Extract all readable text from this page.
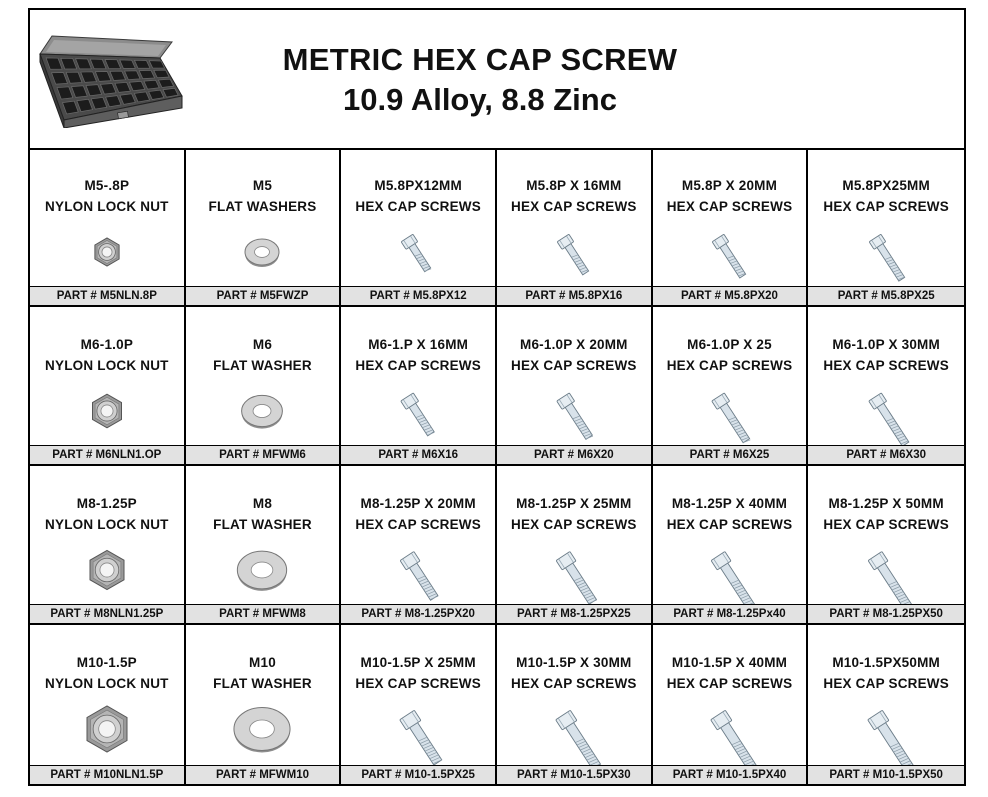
METRIC HEX CAP SCREW
10.9 Alloy, 8.8 Zinc
M5-.8P
NYLON LOCK NUT
PART # M5NLN.8P
M5
FLAT WASHERS
PART # M5FWZP
M5.8PX12MM
HEX CAP SCREWS
PART # M5.8PX12
M5.8P X 16MM
HEX CAP SCREWS
PART # M5.8PX16
M5.8P X 20MM
HEX CAP SCREWS
PART # M5.8PX20
M5.8PX25MM
HEX CAP SCREWS
PART # M5.8PX25
M6-1.0P
NYLON LOCK NUT
PART # M6NLN1.OP
M6
FLAT WASHER
PART # MFWM6
M6-1.P X 16MM
HEX CAP SCREWS
PART # M6X16
M6-1.0P X 20MM
HEX CAP SCREWS
PART # M6X20
M6-1.0P X 25
HEX CAP SCREWS
PART # M6X25
M6-1.0P X 30MM
HEX CAP SCREWS
PART # M6X30
M8-1.25P
NYLON LOCK NUT
PART # M8NLN1.25P
M8
FLAT WASHER
PART # MFWM8
M8-1.25P X 20MM
HEX CAP SCREWS
PART # M8-1.25PX20
M8-1.25P X 25MM
HEX CAP SCREWS
PART # M8-1.25PX25
M8-1.25P X 40MM
HEX CAP SCREWS
PART # M8-1.25Px40
M8-1.25P X 50MM
HEX CAP SCREWS
PART # M8-1.25PX50
M10-1.5P
NYLON LOCK NUT
PART # M10NLN1.5P
M10
FLAT WASHER
PART # MFWM10
M10-1.5P X 25MM
HEX CAP SCREWS
PART # M10-1.5PX25
M10-1.5P X 30MM
HEX CAP SCREWS
PART # M10-1.5PX30
M10-1.5P X 40MM
HEX CAP SCREWS
PART # M10-1.5PX40
M10-1.5PX50MM
HEX CAP SCREWS
PART # M10-1.5PX50
